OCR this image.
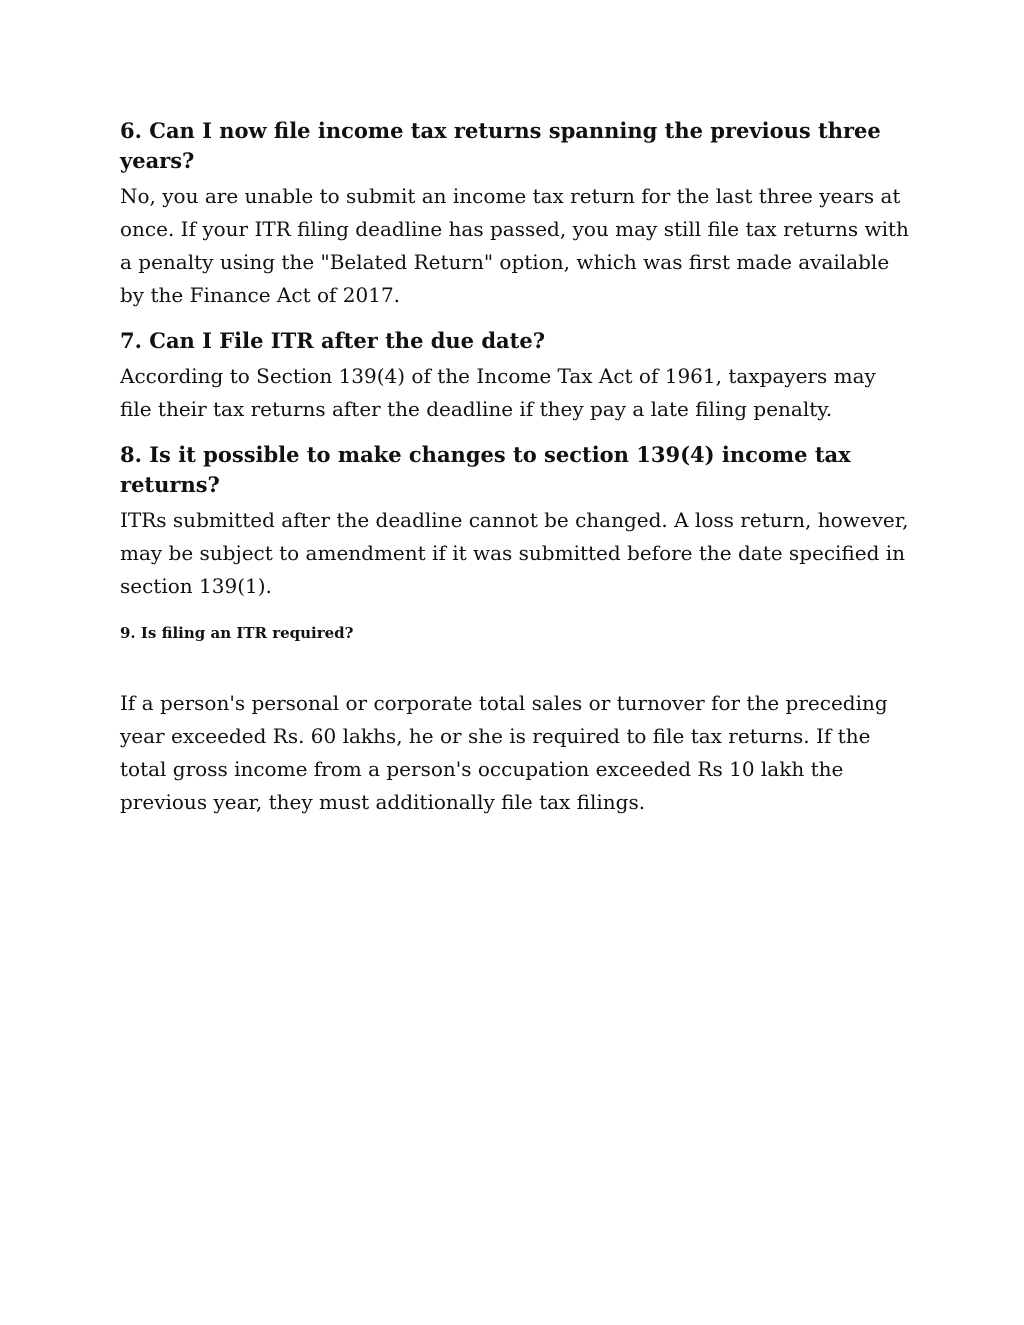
6. Can I now file income tax returns spanning the previous three years?

No, you are unable to submit an income tax return for the last three years at once. If your ITR filing deadline has passed, you may still file tax returns with a penalty using the "Belated Return" option, which was first made available by the Finance Act of 2017.

7. Can I File ITR after the due date?

According to Section 139(4) of the Income Tax Act of 1961, taxpayers may file their tax returns after the deadline if they pay a late filing penalty.

8. Is it possible to make changes to section 139(4) income tax returns?

ITRs submitted after the deadline cannot be changed. A loss return, however, may be subject to amendment if it was submitted before the date specified in section 139(1).

9. Is filing an ITR required?

If a person's personal or corporate total sales or turnover for the preceding year exceeded Rs. 60 lakhs, he or she is required to file tax returns. If the total gross income from a person's occupation exceeded Rs 10 lakh the previous year, they must additionally file tax filings.
